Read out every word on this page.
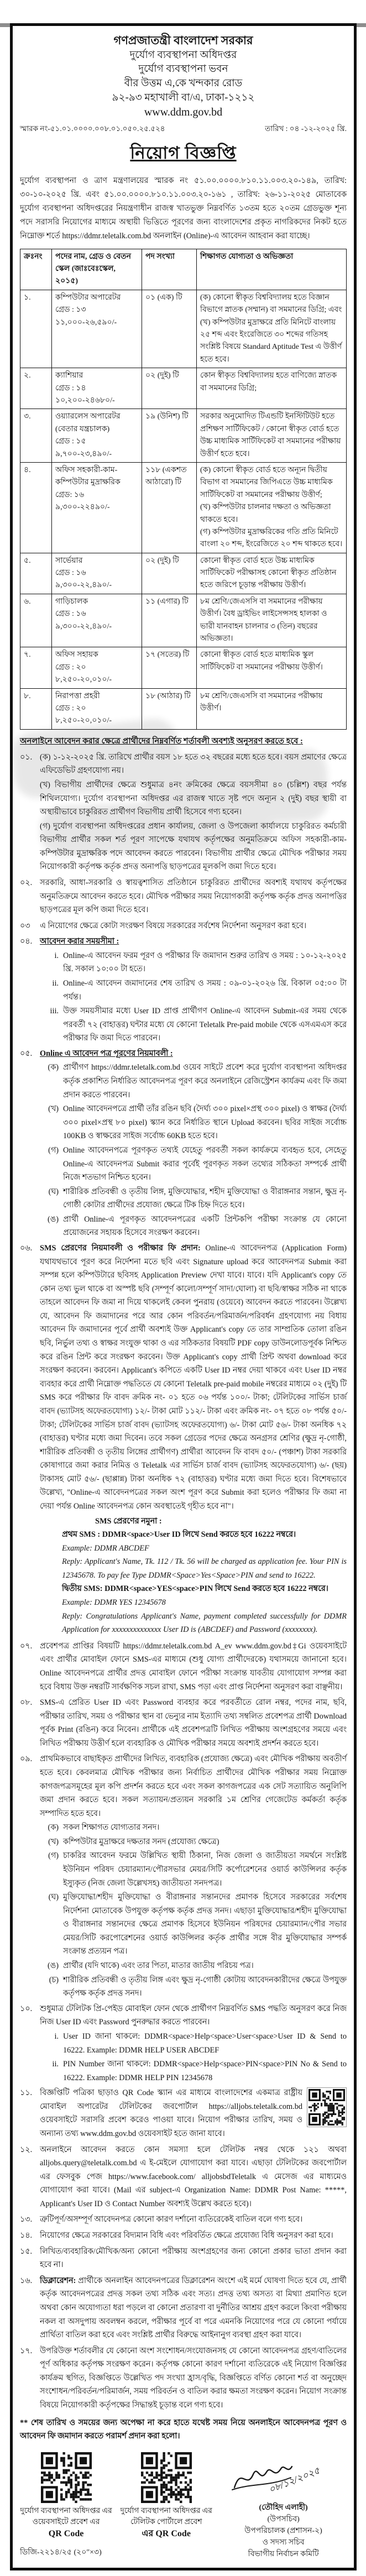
গণপ্রজাতন্ত্রী বাংলাদেশ সরকার
দুর্যোগ ব্যবস্থাপনা অধিদপ্তর
দুর্যোগ ব্যবস্থাপনা ভবন
বীর উত্তম এ,কে খন্দকার রোড
৯২-৯৩ মহাখালী বা/এ, ঢাকা-১২১২
www.ddm.gov.bd
স্মারক নং-৫১.০১.০০০০.০০৮.০১.০৫০.২৫.৫২৪	তারিখ : ০৪ -১২-২০২৫ খ্রি.
নিয়োগ বিজ্ঞপ্তি
দুর্যোগ ব্যবস্থাপনা ও ত্রাণ মন্ত্রণালয়ের স্মারক নং ৫১.০০.০০০০.৮১০.১১.০০৩.২০-১৪৯, তারিখ: ৩০-১০-২০২৫ খ্রি. এবং ৫১.০০.০০০০.৮১০.১১.০০৩.২০-১৬১ , তারিখ: ২৬-১১-২০২৫ মোতাবেক দুর্যোগ ব্যবস্থাপনা অধিদপ্তরের নিয়ন্ত্রণাধীন রাজস্ব খাতভুক্ত নিম্নবর্ণিত ১৩তম হতে ২০তম গ্রেডভুক্ত শূন্য পদে সরাসরি নিয়োগের মাধ্যমে অস্থায়ী ভিত্তিতে পূরণের জন্য বাংলাদেশের প্রকৃত নাগরিকদের নিকট হতে নিম্নোক্ত শর্তে https://ddmr.teletalk.com.bd অনলাইন (Online)-এ আবেদন আহবান করা যাচ্ছে।
ক্রঃনং	পদের নাম, গ্রেড ও বেতন স্কেল (জাঃবেঃস্কেল, ২০১৫)	পদ সংখ্যা	শিক্ষাগত যোগ্যতা ও অভিজ্ঞতা
১.	কম্পিউটার অপারেটর
গ্রেড : ১৩
১১,০০০-২৬,৫৯০/-
	০১ (এক) টি	(ক) কোনো স্বীকৃত বিশ্ববিদ্যালয় হতে বিজ্ঞান বিভাগে স্নাতক (সম্মান) বা সমমানের ডিগ্রি; এবং
(খ) কম্পিউটার মুদ্রাক্ষরে প্রতি মিনিটে বাংলায় ২৫ শব্দ এবং ইংরেজিতে ৩০ শব্দের গতিসহ সংশ্লিষ্ট বিষয়ে Standard Aptitude Test এ উত্তীর্ণ হতে হবে।

২.	ক্যাশিয়ার
গ্রেড : ১৪
১০,২০০-২৪৬৮০/-	০২ (দুই) টি	কোন স্বীকৃত বিশ্ববিদ্যালয় হতে বাণিজ্যে স্নাতক বা সমমানের ডিগ্রি;

৩.	ওয়্যারলেস অপারেটর (বেতার যন্ত্রচালক)
গ্রেড : ১৫
৯,৭০০-২৩,৪৯০/-	১৯ (উনিশ) টি	সরকার অনুমোদিত টিএন্ডটি ইনস্টিটিউট হতে প্রশিক্ষণ সার্টিফিকেট / কোনো স্বীকৃত বোর্ড হতে উচ্চ মাধ্যমিক সার্টিফিকেট বা সমমানের পরীক্ষায় উত্তীর্ণ হতে হবে।

৪.	অফিস সহকারী-কাম-কম্পিউটার মুদ্রাক্ষরিক
গ্রেড: ১৬
৯,৩০০-২২৪৯০/-
	১১৮ (একশত আঠারো) টি	
(ক) কোনো স্বীকৃত বোর্ড হতে অন্যূন দ্বিতীয় বিভাগ বা সমমানের জিপিএতে উচ্চ মাধ্যমিক সার্টিফিকেট বা সমমানের পরীক্ষায় উত্তীর্ণ;
(খ) কম্পিউটার চালনার দক্ষতা ও অভিজ্ঞতা থাকতে হবে।
(গ) কম্পিউটার মুদ্রাক্ষরিকের গতি প্রতি মিনিটে বাংলা ২০ শব্দ, ইংরেজিতে ২০ শব্দ থাকতে হবে।

৫.	সার্ভেয়ার
গ্রেড : ১৬
৯,৩০০-২২,৪৯০/-	০২ (দুই) টি	কোনো স্বীকৃত বোর্ড হতে উচ্চ মাধ্যমিক সার্টিফিকেট পরীক্ষাসহ কোনো স্বীকৃত প্রতিষ্ঠান হতে জরিপে চূড়ান্ত পরীক্ষায় উত্তীর্ণ।

৬.	গাড়িচালক
গ্রেড : ১৬
৯,৩০০-২২,৪৯০/-	১১ (এগার) টি	৮ম শ্রেণি/জেএসসি বা সমমানের পরীক্ষায় উত্তীর্ণ। বৈধ ড্রাইভিং লাইসেন্সসহ হালকা ও ভারী যানবাহন চালনার ৩ (তিন) বছরের অভিজ্ঞতা।

৭.	অফিস সহায়ক
গ্রেড : ২০
৮,২৫০-২০,০১০/-	১৭ (সতের) টি	কোনো স্বীকৃত বোর্ড হতে মাধ্যমিক স্কুল সার্টিফিকেট বা সমমানের পরীক্ষায় উত্তীর্ণ।

৮.	নিরাপত্তা প্রহরী
গ্রেড : ২০
৮,২৫০-২০,০১০/-	১৮ (আঠার) টি	৮ম শ্রেণি/জেএসসি বা সমমানের পরীক্ষায় উত্তীর্ণ।
অনলাইনে আবেদন করার ক্ষেত্রে প্রার্থীদের নিম্নবর্ণিত শর্তাবলী অবশ্যই অনুসরণ করতে হবে :
০১. (ক) ১-১২-২০২৫ খ্রি. তারিখে প্রার্থীর বয়স ১৮ হতে ৩২ বছরের মধ্যে হতে হবে। বয়স প্রমাণের ক্ষেত্রে এফিডেভিট গ্রহণযোগ্য নয়।

(খ) বিভাগীয় প্রার্থীদের ক্ষেত্রে শুধুমাত্র ৪নং ক্রমিকের ক্ষেত্রে বয়সসীমা ৪০ (চল্লিশ) বছর পর্যন্ত শিথিলযোগ্য। দুর্যোগ ব্যবস্থাপনা অধিদপ্তর এর রাজস্ব খাতে সৃষ্ট পদে অন্যূন ২ (দুই) বছর স্থায়ী বা অস্থায়ীভাবে চাকুরিরত প্রার্থীগণ বিভাগীয় প্রার্থী হিসেবে গণ্য হবেন।

(গ) দুর্যোগ ব্যবস্থাপনা অধিদপ্তরের প্রধান কার্যালয়, জেলা ও উপজেলা কার্যালয়ে চাকুরিরত কর্মচারী বিভাগীয় প্রার্থীর সকল শর্ত পূরণ সাপেক্ষে যথাযথ কর্তৃপক্ষের অনুমতিক্রমে অফিস সহকারী-কাম-কম্পিউটার মুদ্রাক্ষরিক পদে আবেদন করতে পারবেন। বিভাগীয় প্রার্থীর ক্ষেত্রে মৌখিক পরীক্ষার সময় নিয়োগকারী কর্তৃপক্ষ কর্তৃক প্রদত্ত অনাপত্তি ছাড়পত্রের মূলকপি জমা দিতে হবে।

০২. সরকারি, আধা-সরকারি ও স্বায়ত্বশাসিত প্রতিষ্ঠানে চাকুরিরত প্রার্থীদের অবশ্যই যথাযথ কর্তৃপক্ষের অনুমতিক্রমে আবেদন করতে হবে। মৌখিক পরীক্ষার সময় নিয়োগকারী কর্তৃপক্ষ কর্তৃক প্রদত্ত অনাপত্তির ছাড়পত্রের মূল কপি জমা দিতে হবে।

০৩	এ নিয়োগের ক্ষেত্রে কোটা সংরক্ষণ বিষয়ে সরকারের সর্বশেষ নির্দেশনা অনুসরণ করা হবে।

০৪. আবেদন করার সময়সীমা :

i. Online-এ আবেদন ফরম পূরণ ও পরীক্ষার ফি জমাদান শুরুর তারিখ ও সময় : ১০-১২-২০২৫ খ্রি. সকাল ১০:০০ টা হতে।
ii. Online-এ আবেদন জমাদানের শেষ তারিখ ও সময় : ০৯-০১-২০২৬ খ্রি. বিকাল ০৫:০০ টা পর্যন্ত।
iii. উক্ত সময়সীমার মধ্যে User ID প্রাপ্ত প্রার্থীগণ Online-এ আবেদন Submit-এর সময় থেকে পরবর্তী ৭২ (বাহাত্তর) ঘন্টার মধ্যে যে কোনো Teletalk Pre-paid mobile থেকে এসএমএস করে পরীক্ষার ফি জমা দিতে পারবেন।
০৫. Online এ আবেদন পত্র পূরণের নিয়মাবলী :

(ক) প্রার্থীগণ https://ddmr.teletalk.com.bd ওয়েব সাইটে প্রবেশ করে দুর্যোগ ব্যবস্থাপনা অধিদপ্তর কর্তৃক প্রকাশিত নির্ধারিত আবেদনপত্র পূরণ করে অনলাইনে রেজিস্ট্রেশন কার্যক্রম এবং ফি জমা প্রদান করতে পারবেন।
(খ) Online আবেদনপত্রে প্রার্থী তাঁর রঙিন ছবি (দৈর্ঘ্য ৩০০ pixel×প্রস্থ ৩০০ pixel) ও স্বাক্ষর (দৈর্ঘ্য ৩০০ pixel×প্রস্থ ৮০ pixel) স্ক্যান করে নির্ধারিত স্থানে Upload করবেন। ছবির সাইজ সর্বোচ্চ 100KB ও স্বাক্ষরের সাইজ সর্বোচ্চ 60KB হতে হবে।
(গ) Online আবেদনপত্রে পূরণকৃত তথ্যই যেহেতু পরবর্তী সকল কার্যক্রমে ব্যবহৃত হবে, সেহেতু Online-এ আবেদনপত্র Submit করার পূর্বেই পূরণকৃত সকল তথ্যের সঠিকতা সম্পর্কে প্রার্থী নিজে শতভাগ নিশ্চিত হবেন।
(ঘ) শারীরিক প্রতিবন্ধী ও তৃতীয় লিঙ্গ, মুক্তিযোদ্ধার, শহীদ মুক্তিযোদ্ধা ও বীরাঙ্গনার সন্তান, ক্ষুদ্র নৃ-গোষ্ঠী কোটার প্রার্থীদের প্রযোজ্য ক্ষেত্রে টিক চিহ্ন দিতে হবে।
(ঙ) প্রার্থী Online-এ পূরণকৃত আবেদনপত্রের একটি প্রিন্টকপি পরীক্ষা সংক্রান্ত যে কোনো প্রয়োজনের সহায়ক হিসেবে সংরক্ষণ করবেন।
০৬. SMS প্রেরণের নিয়মাবলী ও পরীক্ষার ফি প্রদান: Online-এ আবেদনপত্র (Application Form) যথাযথভাবে পূরণ করে নির্দেশনা মতে ছবি এবং Signature upload করে আবেদনপত্র Submit করা সম্পন্ন হলে কম্পিউটারে ছবিসহ Application Preview দেখা যাবে। যাবে। যদি Applicant's copy তে কোন তথ্য ভুল থাকে বা অস্পষ্ট ছবি (সম্পূর্ণ কালো/সম্পূর্ণ সাদা/ঘোলা) বা ছবি/স্বাক্ষর সঠিক না থাকে তাহলে আবেদন ফি জমা না দিয়ে থাকলেই কেবল পুনরায় (ওয়েবে) আবেদন করতে পারবেন। উল্লেখ্য যে, আবেদন ফি জমাদানের পরে আর কোন পরিবর্তন/পরিমার্জন/পরিবর্ধন গ্রহণযোগ্য নয় বিধায় আবেদন ফি জমাদানের পূর্বে প্রার্থী অবশ্যই উক্ত Applicant's copy তে তার সাম্প্রতিক তোলা রঙিন ছবি, নির্ভুল তথ্য ও স্বাক্ষর সংযুক্ত থাকা ও এর সঠিকতার বিষয়টি PDF copy ডাউনলোডপূর্বক নিশ্চিত করে রঙিন প্রিন্ট করে সংরক্ষণ করবেন। উক্ত Applicant's copy প্রার্থী প্রিন্ট অথবা download করে সংরক্ষণ করবেন। করবেন। Applicant's কপিতে একটি User ID নম্বর দেয়া থাকবে এবং User ID নম্বর ব্যবহার করে প্রার্থী নিম্নোক্ত পদ্ধতিতে যে কোনো Teletalk pre-paid mobile নম্বরের মাধ্যমে ০২ (দুই) টি SMS করে পরীক্ষার ফি বাবদ ক্রমিক নং- ০১ হতে ০৬ পর্যন্ত ১০০/- টাকা; টেলিটকের সার্ভিস চার্জ বাবদ (ভ্যাটসহ অফেরতযোগ্য) ১২/- টাকা মোট ১১২/- টাকা এবং ক্রমিক নং- ০৭ হতে ০৮ পর্যন্ত ৫০/- টাকা; টেলিটকের সার্ভিস চার্জ বাবদ (ভ্যাটসহ অফেরতযোগ্য) ৬/- টাকা মোট ৫৬/- টাকা অনধিক ৭২ (বাহাত্তর) ঘণ্টার মধ্যে জমা দিবেন। তবে সকল গ্রেডের পদের ক্ষেত্রে অনগ্রসর শ্রেণির (ক্ষুদ্র নৃ-গোষ্ঠী, শারীরিক প্রতিবন্ধী ও তৃতীয় লিঙ্গের প্রার্থীগণ) প্রার্থীরা আবেদন ফি বাবদ ৫০/- (পঞ্চাশ) টাকা সরকারি কোষাগারে জমা করার নিমিত্ত ও Teletalk এর সার্ভিস চার্জ বাবদ (ভ্যাটসহ অফেরতযোগ্য) ৬/- (ছয়) টাকাসহ মোট ৫৬/- (ছাপ্পান্ন) টাকা অনধিক ৭২ (বাহাত্তর) ঘণ্টার মধ্যে জমা দিতে হবে। বিশেষভাবে উল্লেখ্য, "Online-এ আবেদনপত্রের সকল অংশ পূরণ করে Submit করা হলেও পরীক্ষার ফি জমা না দেয়া পর্যন্ত Online আবেদনপত্র কোন অবস্থাতেই গৃহীত হবে না"।

SMS প্রেরণের নমুনা :
প্রথম SMS : DDMR<space>User ID লিখে Send করতে হবে 16222 নম্বরে।
Example: DDMR ABCDEF
Reply: Applicant's Name, Tk. 112 / Tk. 56 will be charged as application fee. Your PIN is 12345678. To pay fee Type DDMR<Space>Yes<Space>PIN and send to 16222.
দ্বিতীয় SMS: DDMR<space>YES<space>PIN লিখে Send করতে হবে 16222 নম্বরে।
Example: DDMR YES 12345678
Reply: Congratulations Applicant's Name, payment completed successfully for DDMR Application for xxxxxxxxxxxxxx User ID is (ABCDEF) and Password (xxxxxxxx).
০৭. প্রবেশপত্র প্রাপ্তির বিষয়টি https://ddmr.teletalk.com.bd A_ev www.ddm.gov.bd‡Gi ওয়েবসাইটে এবং প্রার্থীর মোবাইল ফোনে SMS-এর মাধ্যমে (শুধু যোগ্য প্রার্থীদেরকে) যথাসময়ে জানানো হবে। Online আবেদনপত্রে প্রার্থীর প্রদত্ত মোবাইল ফোনে পরীক্ষা সংক্রান্ত যাবতীয় যোগাযোগ সম্পন্ন করা হবে বিধায় উক্ত নম্বরটি সার্বক্ষণিক সচল রাখা, SMS পড়া এবং প্রাপ্ত নির্দেশনা অনুসরণ করা বাঞ্ছনীয়।

০৮. SMS-এ প্রেরিত User ID এবং Password ব্যবহার করে পরবর্তীতে রোল নম্বর, পদের নাম, ছবি, পরীক্ষার তারিখ, সময় ও পরীক্ষার স্থান বা ভেন্যুর নাম ইত্যাদি তথ্য সম্বলিত প্রবেশপত্র প্রার্থী Download পূর্বক Print (রঙিন) করে নিবেন। প্রার্থীকে এই প্রবেশপত্রটি লিখিত পরীক্ষায় অংশগ্রহণের সময়ে এবং লিখিত পরীক্ষায় উত্তীর্ণ হলে ব্যবহারিক ও মৌখিক পরীক্ষার সময়ে অবশ্যই প্রদর্শন করতে হবে।

০৯. প্রাথমিকভাবে বাছাইকৃত প্রার্থীদের লিখিত, ব্যবহারিক (প্রযোজ্য ক্ষেত্রে) এবং মৌখিক পরীক্ষায় অবতীর্ণ হতে হবে। কেবলমাত্র মৌখিক পরীক্ষার জন্য নির্বাচিত প্রার্থীদের মৌখিক পরীক্ষার সময় নিম্নোক্ত কাগজপত্রসমূহের মূল কপি প্রদর্শন করতে হবে এবং সকল কাগজপত্রের এক সেট সত্যায়িত অনুলিপি জমা প্রদান করতে হবে। সকল সত্যায়ন/প্রত্যয়ন সরকারি ১ম শ্রেণির গেজেটেড কর্মকর্তা কর্তৃক সম্পাদিত হতে হবে।

(ক) সকল শিক্ষাগত যোগ্যতার সনদ।
(খ) কম্পিউটার মুদ্রাক্ষরে দক্ষতার সনদ (প্রযোজ্য ক্ষেত্রে)
(গ) চাকরির আবেদন ফরমে উল্লিখিত স্থায়ী ঠিকানা, নিজ জেলা ও জাতীয়তা সমর্থনে সংশ্লিষ্ট ইউনিয়ন পরিষদ চেয়ারম্যান/পৌরসভার মেয়র/সিটি কর্পোরেশনের ওয়ার্ড কাউন্সিলর কর্তৃক ইস্যুকৃত (নিজ জেলা উল্লেখসহ) জাতীয়তা সনদপত্র।
(ঘ) মুক্তিযোদ্ধা/শহীদ মুক্তিযোদ্ধা ও বীরাঙ্গনার সন্তানদের প্রমাণক হিসেবে সরকারের সর্বশেষ নির্দেশনা মোতাবেক উপযুক্ত কর্তৃপক্ষ কর্তৃক প্রদত্ত সনদ। এছাড়া মুক্তিযোদ্ধার/শহীদ মুক্তিযোদ্ধা ও বীরাঙ্গনার সন্তানদের ক্ষেত্রে প্রমাণক হিসেবে ইউনিয়ন পরিষদের চেয়ারম্যান/পৌর সভার মেয়র/সিটি করপোরেশনের ওয়ার্ড কাউন্সিলর কর্তৃক প্রার্থীর সঙ্গে বীর মুক্তিযোদ্ধার সম্পর্ক সংক্রান্ত প্রত্যয়ন পত্র।
(ঙ) প্রার্থীর (যদি থাকে) এবং তার পিতা, মাতার জাতীয় পরিচয় পত্র।
(চ) শারীরিক প্রতিবন্ধী ও তৃতীয় লিঙ্গ এবং ক্ষুদ্র নৃ-গোষ্ঠী কোটায় আবেদনকারীদের ক্ষেত্রে উপযুক্ত কর্তৃপক্ষ কর্তৃক প্রদত্ত সনদ।
১০. শুধুমাত্র টেলিটক প্রি-পেইড মোবাইল ফোন থেকে প্রার্থীগণ নিম্নবর্ণিত SMS পদ্ধতি অনুসরণ করে নিজ নিজ User ID এবং Password পুনরুদ্ধার করতে পারবেন।

i. User ID জানা থাকলে: DDMR<space>Help<space>User<space>User ID & Send to 16222. Example: DDMR HELP USER ABCDEF
ii. PIN Number জানা থাকলে: DDMR<space>Help<space>PIN<space>PIN No & Send to 16222. Example: DDMR HELP PIN 12345678
১১. বিজ্ঞপ্তিটি পত্রিকা ছাড়াও QR Code স্ক্যান এর মাধ্যমে বাংলাদেশের একমাত্র রাষ্ট্রীয় মোবাইল অপারেটর টেলিটকের জবপোর্টাল https://alljobs.teletalk.com.bd ওয়েবসাইটে সরাসরি প্রবেশ করেও পাওয়া যাবে। নিয়োগ পরীক্ষার তারিখ, সময় ও অন্যান্য তথ্য www.ddm.gov.bd ওয়েবসাইট হতে জানা যাবে।

১২. অনলাইনে আবেদন করতে কোন সমস্যা হলে টেলিটক নম্বর থেকে ১২১ অথবা alljobs.query@teletalk.com.bd এ ই-মেইলে যোগাযোগ করা যাবে। এছাড়া টেলিটকের জবপোর্টাল এর ফেসবুক পেজ https://www.facebook.com/ alljobsbdTeletalk এ মেসেজ এর মাধ্যমেও যোগাযোগ করা যাবে। (Mail এর subject-এ Organization Name: DDMR Post Name: *****, Applicant's User ID ও Contact Number অবশ্যই উল্লেখ করতে হবে)।

১৩. ত্রুটিপূর্ণ/অসম্পূর্ণ আবেদনপত্র কোনো কারণ দর্শানো ব্যতিরেকেই বাতিল বলে গণ্য হবে।

১৪. নিয়োগের ক্ষেত্রে সরকারের বিদ্যমান বিধি এবং পরিবর্তিত ক্ষেত্রে প্রযোজ্য বিধি অনুসরণ করা হবে।

১৫. লিখিত/ব্যবহারিক/মৌখিক/অন্য কোনো পরীক্ষায় অংশগ্রহণের জন্য কোনো প্রকার ভাতা প্রদান করা হবে না।

১৬. ডিক্লারেশন: প্রার্থীকে অনলাইন আবেদনপত্রের ডিক্লারেশন অংশে এই মর্মে ঘোষণা দিতে হবে যে, প্রার্থী কর্তৃক আবেদনপত্রের প্রদত্ত সকল তথ্য সঠিক এবং সত্য। প্রদত্ত তথ্য অসত্য বা মিথ্যা প্রমাণিত হলে অথবা কোন অযোগ্যতা ধরা পড়লে বা কোনো প্রতারণা বা দুর্নীতির আশ্রয় গ্রহণ করলে কিংবা পরীক্ষায় নকল বা অসদুপায় অবলম্বন করলে, পরীক্ষার পূর্বে বা পরে এমনকি নিয়োগের পরে যে কোনো পর্যায়ে প্রার্থিতা বাতিল করা হবে এবং সংশ্লিষ্ট প্রার্থীর বিরুদ্ধে আইনানুগ ব্যবস্থা গ্রহণ করা যাবে।

১৭. উপরিউক্ত শর্তাবলীর যে কোনো অংশ সংশোধন/সংযোজনসহ যে কোনো আবেদনপত্র গ্রহণ/বাতিলের পূর্ণ অধিকার কর্তৃপক্ষ সংরক্ষণ করেন। কর্তৃপক্ষ কোনো কারণ দর্শানো ব্যতিরেকে এই নিয়োগ বিজ্ঞপ্তির কার্যক্রম স্থগিত, বিজ্ঞপ্তিতে উল্লেখিত পদ সংখ্যা হ্রাস/বৃদ্ধি, বিজ্ঞপ্তিতে বর্ণিত কোনো শর্ত বা অনুচ্ছেদ সংশোধন/পরিবর্তন/পরিমার্জন, সময় পরিবর্তন ও বাতিল করার ক্ষমতা সংরক্ষণ করেন। নিয়োগ সংক্রান্ত বিষয়ে নিয়োগকারী কর্তৃপক্ষের সিদ্ধান্তই চূড়ান্ত বলে গণ্য হবে।

** শেষ তারিখ ও সময়ের জন্য অপেক্ষা না করে হাতে যথেষ্ট সময় নিয়ে অনলাইনে আবেদনপত্র পূরণ ও আবেদন ফি জমাদান করতে পরামর্শ প্রদান করা হলো।
দুর্যোগ ব্যবস্থাপনা অধিদপ্তর এর ওয়েবসাইটে প্রবেশ এর
QR Code
ডিজি-২২১৪/২৫ (২০″×৩)
দুর্যোগ ব্যবস্থাপনা অধিদপ্তর এর টেলিটক পোর্টালে প্রবেশ
এর QR Code
০৮/১২/২০২৫
(তৌহিদ এলাহী)
(উপসচিব)
উপপরিচালক (প্রশাসন-২)
ও সদস্য সচিব
বিভাগীয় নির্বাচন কমিটি
